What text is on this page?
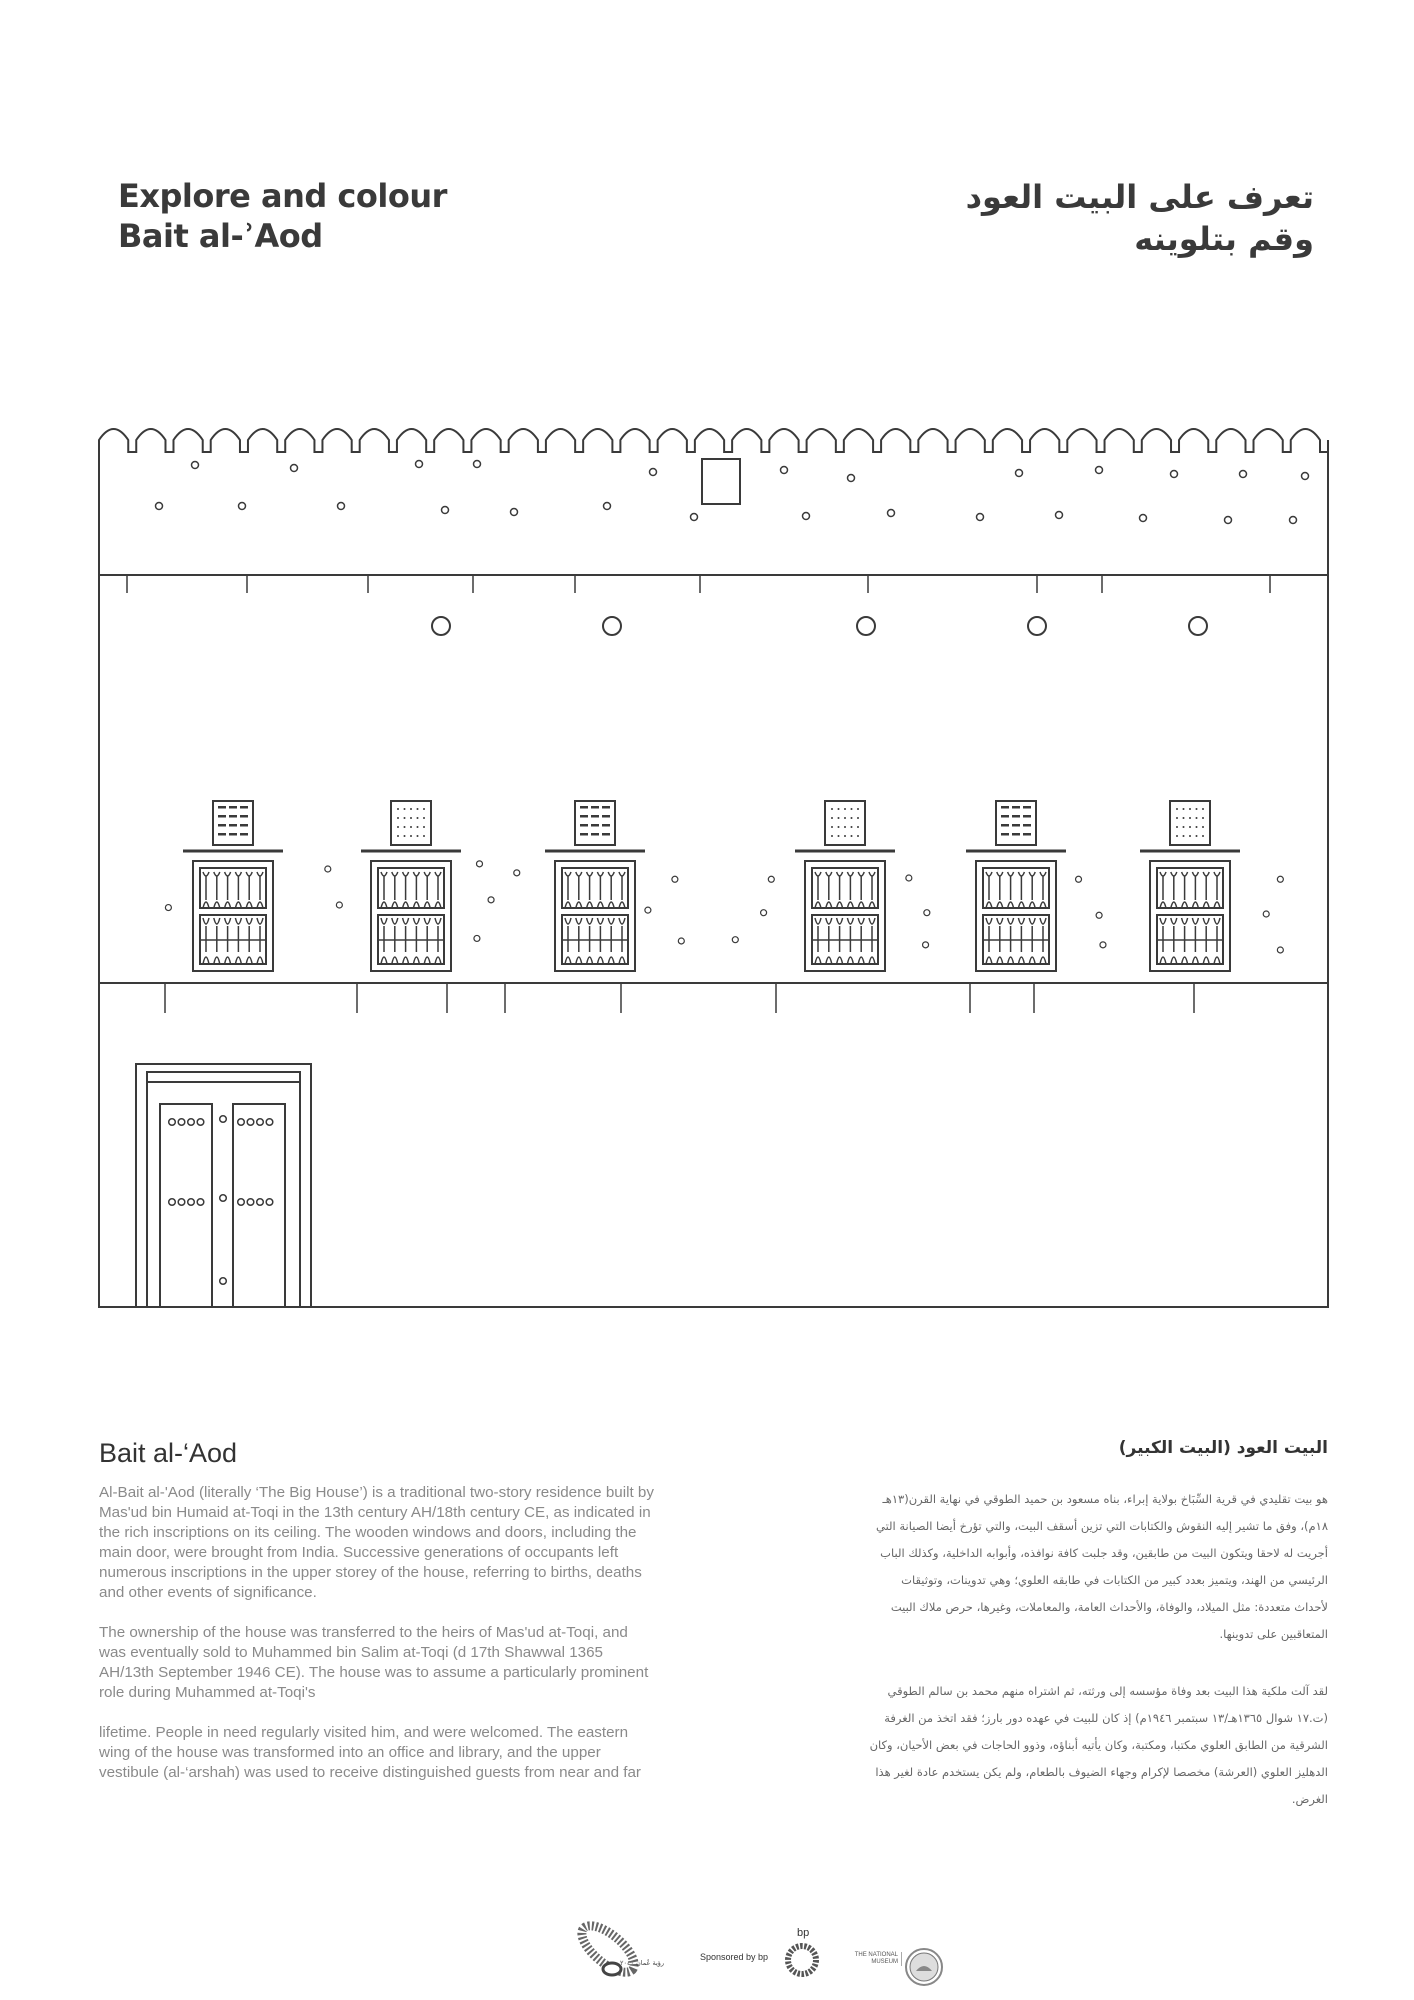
Explore and colour
Bait al-ʾAod
تعرف على البيت العود
وقم بتلوينه
Bait al-‘Aod

Al-Bait al-'Aod (literally ‘The Big House’) is a traditional two-story residence built by Mas'ud bin Humaid at-Toqi in the 13th century AH/18th century CE, as indicated in the rich inscriptions on its ceiling. The wooden windows and doors, including the main door, were brought from India. Successive generations of occupants left numerous inscriptions in the upper storey of the house, referring to births, deaths and other events of significance.

The ownership of the house was transferred to the heirs of Mas'ud at-Toqi, and was eventually sold to Muhammed bin Salim at-Toqi (d 17th Shawwal 1365 AH/13th September 1946 CE). The house was to assume a particularly prominent role during Muhammed at-Toqi's

lifetime. People in need regularly visited him, and were welcomed. The eastern wing of the house was transformed into an office and library, and the upper vestibule (al-‘arshah) was used to receive distinguished guests from near and far

البيت العود (البيت الكبير)

هو بيت تقليدي في قرية السِّبَاخ بولاية إبراء، بناه مسعود بن حميد الطوقي في نهاية القرن(١٣هـ ١٨م)، وفق ما تشير إليه النقوش والكتابات التي تزين أسقف البيت، والتي تؤرخ أيضا الصيانة التي أجريت له لاحقا ويتكون البيت من طابقين، وقد جلبت كافة نوافذه، وأبوابه الداخلية، وكذلك الباب الرئيسي من الهند، ويتميز بعدد كبير من الكتابات في طابقه العلوي؛ وهي تدوينات، وتوثيقات لأحداث متعددة: مثل الميلاد، والوفاة، والأحداث العامة، والمعاملات، وغيرها، حرص ملاك البيت المتعاقبين على تدوينها.

لقد آلت ملكية هذا البيت بعد وفاة مؤسسه إلى ورثته، ثم اشتراه منهم محمد بن سالم الطوقي (ت.١٧ شوال ١٣٦٥هـ/١٣ سبتمبر ١٩٤٦م) إذ كان للبيت في عهده دور بارز؛ فقد اتخذ من الغرفة الشرقية من الطابق العلوي مكتبا، ومكتبة، وكان يأتيه أبناؤه، وذوو الحاجات في بعض الأحيان، وكان الدهليز العلوي (العرشة) مخصصا لإكرام وجهاء الضيوف بالطعام، ولم يكن يستخدم عادة لغير هذا الغرض.

رؤية عُمان ٢٠٤٠
Sponsored by bp
bp
THE NATIONAL MUSEUM
